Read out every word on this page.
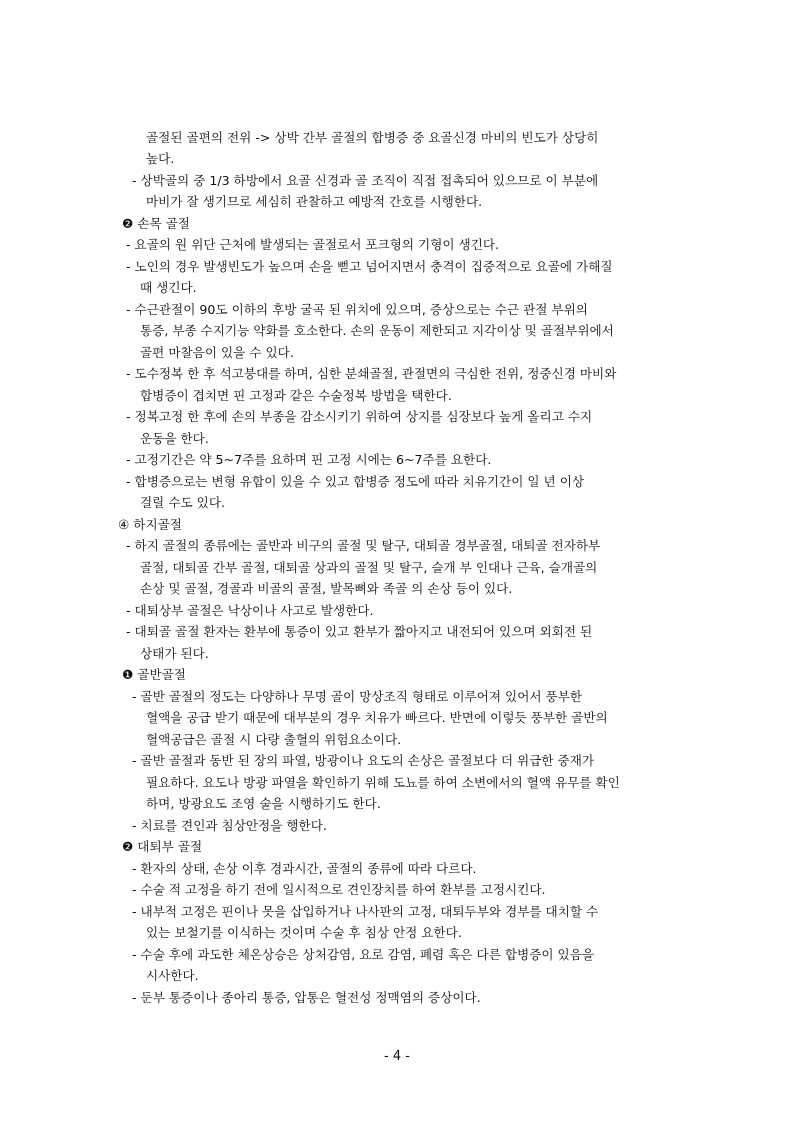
골절된 골편의 전위 -> 상박 간부 골절의 합병증 중 요골신경 마비의 빈도가 상당히
높다.
- 상박골의 중 1/3 하방에서 요골 신경과 골 조직이 직접 접촉되어 있으므로 이 부분에
마비가 잘 생기므로 세심히 관찰하고 예방적 간호를 시행한다.
❷ 손목 골절
- 요골의 원 위단 근처에 발생되는 골절로서 포크형의 기형이 생긴다.
- 노인의 경우 발생빈도가 높으며 손을 뻗고 넘어지면서 충격이 집중적으로 요골에 가해질
때 생긴다.
- 수근관절이 90도 이하의 후방 굴곡 된 위치에 있으며, 증상으로는 수근 관절 부위의
통증, 부종 수지기능 약화를 호소한다. 손의 운동이 제한되고 지각이상 및 골절부위에서
골편 마찰음이 있을 수 있다.
- 도수정복 한 후 석고붕대를 하며, 심한 분쇄골절, 관절면의 극심한 전위, 정중신경 마비와
합병증이 겹치면 핀 고정과 같은 수술정복 방법을 택한다.
- 정복고정 한 후에 손의 부종을 감소시키기 위하여 상지를 심장보다 높게 올리고 수지
운동을 한다.
- 고정기간은 약 5~7주를 요하며 핀 고정 시에는 6~7주를 요한다.
- 합병증으로는 변형 유합이 있을 수 있고 합병증 정도에 따라 치유기간이 일 년 이상
걸릴 수도 있다.
④ 하지골절
- 하지 골절의 종류에는 골반과 비구의 골절 및 탈구, 대퇴골 경부골절, 대퇴골 전자하부
골절, 대퇴골 간부 골절, 대퇴골 상과의 골절 및 탈구, 슬개 부 인대나 근육, 슬개골의
손상 및 골절, 경골과 비골의 골절, 발목뼈와 족골 의 손상 등이 있다.
- 대퇴상부 골절은 낙상이나 사고로 발생한다.
- 대퇴골 골절 환자는 환부에 통증이 있고 환부가 짧아지고 내전되어 있으며 외회전 된
상태가 된다.
❶ 골반골절
- 골반 골절의 정도는 다양하나 무명 골이 망상조직 형태로 이루어져 있어서 풍부한
혈액을 공급 받기 때문에 대부분의 경우 치유가 빠르다. 반면에 이렇듯 풍부한 골반의
혈액공급은 골절 시 다량 출혈의 위험요소이다.
- 골반 골절과 동반 된 장의 파열, 방광이나 요도의 손상은 골절보다 더 위급한 중재가
필요하다. 요도나 방광 파열을 확인하기 위해 도뇨를 하여 소변에서의 혈액 유무를 확인
하며, 방광요도 조영 술을 시행하기도 한다.
- 치료를 견인과 침상안정을 행한다.
❷ 대퇴부 골절
- 환자의 상태, 손상 이후 경과시간, 골절의 종류에 따라 다르다.
- 수술 적 고정을 하기 전에 일시적으로 견인장치를 하여 환부를 고정시킨다.
- 내부적 고정은 핀이나 못을 삽입하거나 나사판의 고정, 대퇴두부와 경부를 대치할 수
있는 보철기를 이식하는 것이며 수술 후 침상 안정 요한다.
- 수술 후에 과도한 체온상승은 상처감염, 요로 감염, 폐렴 혹은 다른 합병증이 있음을
시사한다.
- 둔부 통증이나 종아리 통증, 압통은 혈전성 정맥염의 증상이다.
- 4 -
